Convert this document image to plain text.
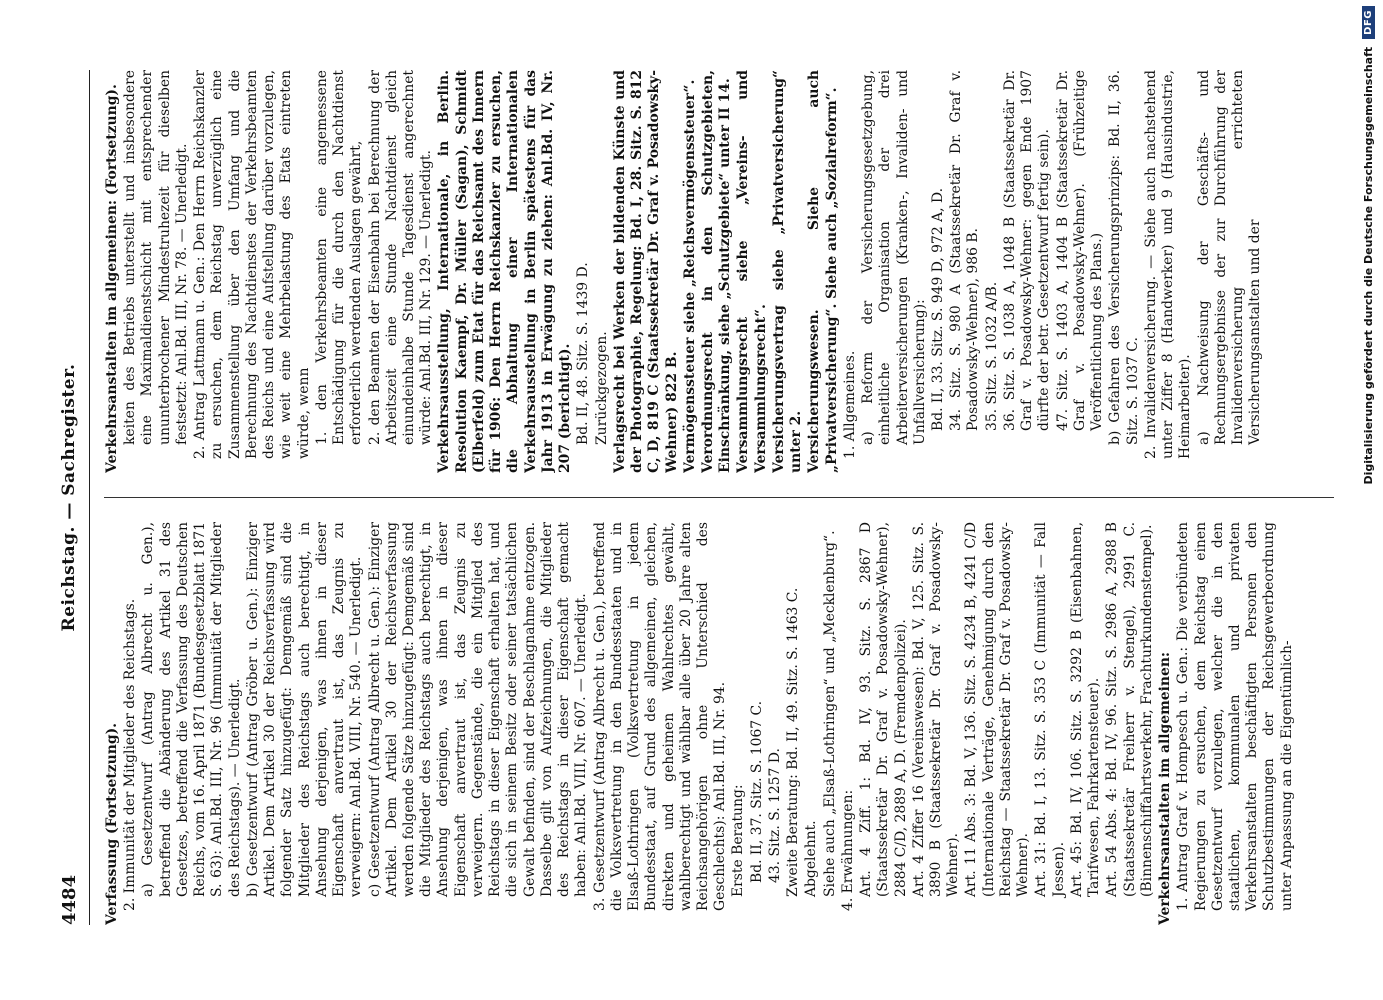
4484
Reichstag. — Sachregister.
Verfassung (Fortsetzung). 2. Immunität der Mitglieder des Reichstags. a) Gesetzentwurf (Antrag Albrecht u. Gen.), betreffend die Abänderung des Artikel 31 des Gesetzes, betreffend die Verfassung des Deutschen Reichs, vom 16. April 1871 (Bundesgesetzblatt 1871 S. 63): Anl.Bd. III, Nr. 96 (Immunität der Mitglieder des Reichstags). — Unerledigt. b) Gesetzentwurf (Antrag Gröber u. Gen.): Einziger Artikel. Dem Artikel 30 der Reichsverfassung wird folgender Satz hinzugefügt: Demgemäß sind die Mitglieder des Reichstags auch berechtigt, in Ansehung derjenigen, was ihnen in dieser Eigenschaft anvertraut ist, das Zeugnis zu verweigern: Anl.Bd. VIII, Nr. 540. — Unerledigt. c) Gesetzentwurf (Antrag Albrecht u. Gen.): Einziger Artikel. Dem Artikel 30 der Reichsverfassung werden folgende Sätze hinzugefügt: Demgemäß sind die Mitglieder des Reichstags auch berechtigt, in Ansehung derjenigen, was ihnen in dieser Eigenschaft anvertraut ist, das Zeugnis zu verweigern. Gegenstände, die ein Mitglied des Reichstags in dieser Eigenschaft erhalten hat, und die sich in seinem Besitz oder seiner tatsächlichen Gewalt befinden, sind der Beschlagnahme entzogen. Dasselbe gilt von Aufzeichnungen, die Mitglieder des Reichstags in dieser Eigenschaft gemacht haben: Anl.Bd. VIII, Nr. 607. — Unerledigt. 3. Gesetzentwurf (Antrag Albrecht u. Gen.), betreffend die Volksvertretung in den Bundesstaaten und in Elsaß-Lothringen (Volksvertretung in jedem Bundesstaat, auf Grund des allgemeinen, gleichen, direkten und geheimen Wahlrechtes gewählt, wahlberechtigt und wählbar alle über 20 Jahre alten Reichsangehörigen ohne Unterschied des Geschlechts): Anl.Bd. III, Nr. 94. Erste Beratung: Bd. II, 37. Sitz. S. 1067 C. 43. Sitz. S. 1257 D. Zweite Beratung: Bd. II, 49. Sitz. S. 1463 C. Abgelehnt. Siehe auch „Elsaß-Lothringen“ und „Mecklenburg“. 4. Erwähnungen: Art. 4 Ziff. 1: Bd. IV, 93. Sitz. S. 2867 D (Staatssekretär Dr. Graf v. Posadowsky-Wehner), 2884 C/D, 2889 A, D. (Fremdenpolizei). Art. 4 Ziffer 16 (Vereinswesen): Bd. V, 125. Sitz. S. 3890 B (Staatssekretär Dr. Graf v. Posadowsky-Wehner). Art. 11 Abs. 3: Bd. V, 136. Sitz. S. 4234 B, 4241 C/D (Internationale Verträge, Genehmigung durch den Reichstag — Staatssekretär Dr. Graf v. Posadowsky-Wehner). Art. 31: Bd. I, 13. Sitz. S. 353 C (Immunität — Fall Jessen). Art. 45: Bd. IV, 106. Sitz. S. 3292 B (Eisenbahnen, Tarifwesen, Fahrkartensteuer). Art. 54 Abs. 4: Bd. IV, 96. Sitz. S. 2986 A, 2988 B (Staatssekretär Freiherr v. Stengel), 2991 C. (Binnenschiffahrtsverkehr, Frachturkundenstempel). Verkehrsanstalten im allgemeinen: 1. Antrag Graf v. Hompesch u. Gen.: Die verbündeten Regierungen zu ersuchen, dem Reichstag einen Gesetzentwurf vorzulegen, welcher die in den staatlichen, kommunalen und privaten Verkehrsanstalten beschäftigten Personen den Schutzbestimmungen der Reichsgewerbeordnung unter Anpassung an die Eigentümlich-
Verkehrsanstalten im allgemeinen: (Fortsetzung). keiten des Betriebs unterstellt und insbesondere eine Maximaldienstschicht mit entsprechender ununterbrochener Mindestruhezeit für dieselben festsetzt: Anl.Bd. III, Nr. 78. — Unerledigt. 2. Antrag Lattmann u. Gen.: Den Herrn Reichskanzler zu ersuchen, dem Reichstag unverzüglich eine Zusammenstellung über den Umfang und die Berechnung des Nachtdienstes der Verkehrsbeamten des Reichs und eine Aufstellung darüber vorzulegen, wie weit eine Mehrbelastung des Etats eintreten würde, wenn 1. den Verkehrsbeamten eine angemessene Entschädigung für die durch den Nachtdienst erforderlich werdenden Auslagen gewährt, 2. den Beamten der Eisenbahn bei Berechnung der Arbeitszeit eine Stunde Nachtdienst gleich einundeinhalbe Stunde Tagesdienst angerechnet würde: Anl.Bd. III, Nr. 129. — Unerledigt. Verkehrsausstellung, Internationale, in Berlin. Resolution Kaempf, Dr. Müller (Sagan), Schmidt (Elberfeld) zum Etat für das Reichsamt des Innern für 1906: Den Herrn Reichskanzler zu ersuchen, die Abhaltung einer Internationalen Verkehrsausstellung in Berlin spätestens für das Jahr 1913 in Erwägung zu ziehen: Anl.Bd. IV, Nr. 207 (berichtigt). Bd. II, 48. Sitz. S. 1439 D. Zurückgezogen. Verlagsrecht bei Werken der bildenden Künste und der Photographie, Regelung: Bd. I, 28. Sitz. S. 812 C, D, 819 C (Staatssekretär Dr. Graf v. Posadowsky-Wehner) 822 B. Vermögenssteuer siehe „Reichsvermögenssteuer“. Verordnungsrecht in den Schutzgebieten, Einschränkung, siehe „Schutzgebiete“ unter II 14. Versammlungsrecht siehe „Vereins- und Versammlungsrecht“. Versicherungsvertrag siehe „Privatversicherung“ unter 2. Versicherungswesen. Siehe auch „Privatversicherung“. Siehe auch „Sozialreform“. 1. Allgemeines. a) Reform der Versicherungsgesetzgebung, einheitliche Organisation der drei Arbeiterversicherungen (Kranken-, Invaliden- und Unfallversicherung): Bd. II, 33. Sitz. S. 949 D, 972 A, D. 34. Sitz. S. 980 A (Staatssekretär Dr. Graf v. Posadowsky-Wehner), 986 B. 35. Sitz. S. 1032 A/B. 36. Sitz. S. 1038 A, 1048 B (Staatssekretär Dr. Graf v. Posadowsky-Wehner: gegen Ende 1907 dürfte der betr. Gesetzentwurf fertig sein). 47. Sitz. S. 1403 A, 1404 B (Staatssekretär Dr. Graf v. Posadowsky-Wehner). (Frühzeitige Veröffentlichung des Plans.) b) Gefahren des Versicherungsprinzips: Bd. II, 36. Sitz. S. 1037 C. 2. Invalidenversicherung. — Siehe auch nachstehend unter Ziffer 8 (Handwerker) und 9 (Hausindustrie, Heimarbeiter). a) Nachweisung der Geschäfts- und Rechnungsergebnisse der zur Durchführung der Invalidenversicherung errichteten Versicherungsanstalten und der	Digitalisierung gefördert durch die Deutsche Forschungsgemeinschaft
DFG
